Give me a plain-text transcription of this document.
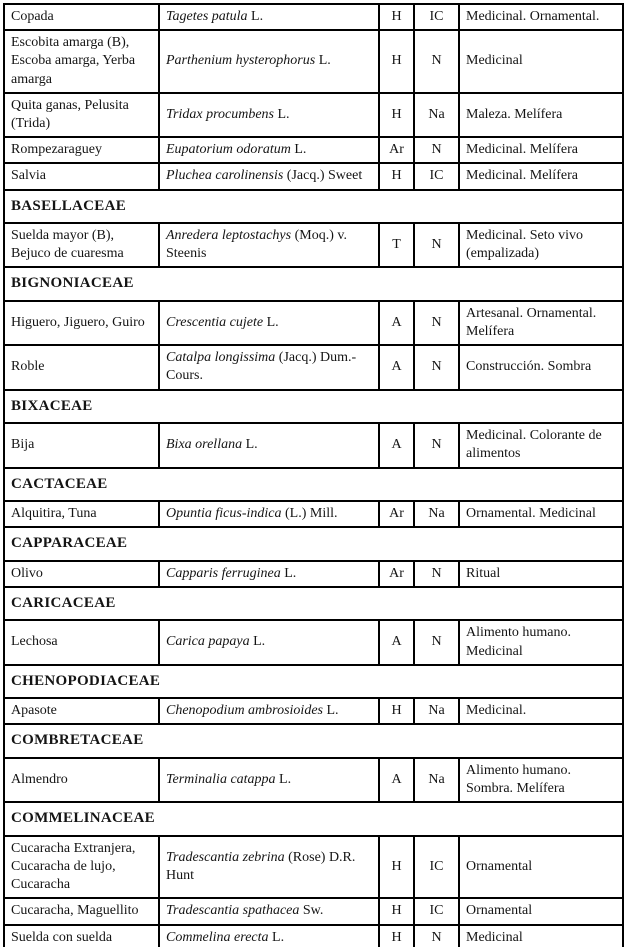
Copada	Tagetes patula L.	H	IC	Medicinal. Ornamental.
Escobita amarga (B), Escoba amarga, Yerba amarga	Parthenium hysterophorus L.	H	N	Medicinal
Quita ganas, Pelusita (Trida)	Tridax procumbens L.	H	Na	Maleza. Melífera
Rompezaraguey	Eupatorium odoratum L.	Ar	N	Medicinal. Melífera
Salvia	Pluchea carolinensis (Jacq.) Sweet	H	IC	Medicinal. Melífera
BASELLACEAE				
Suelda mayor (B), Bejuco de cuaresma	Anredera leptostachys (Moq.) v. Steenis	T	N	Medicinal. Seto vivo (empalizada)
BIGNONIACEAE				
Higuero, Jiguero, Guiro	Crescentia cujete L.	A	N	Artesanal. Ornamental. Melífera
Roble	Catalpa longissima (Jacq.) Dum.-Cours.	A	N	Construcción. Sombra
BIXACEAE				
Bija	Bixa orellana L.	A	N	Medicinal. Colorante de alimentos
CACTACEAE				
Alquitira, Tuna	Opuntia ficus-indica (L.) Mill.	Ar	Na	Ornamental. Medicinal
CAPPARACEAE				
Olivo	Capparis ferruginea L.	Ar	N	Ritual
CARICACEAE				
Lechosa	Carica papaya L.	A	N	Alimento humano. Medicinal
CHENOPODIACEAE				
Apasote	Chenopodium ambrosioides L.	H	Na	Medicinal.
COMBRETACEAE				
Almendro	Terminalia catappa L.	A	Na	Alimento humano. Sombra. Melífera
COMMELINACEAE				
Cucaracha Extranjera, Cucaracha de lujo, Cucaracha	Tradescantia zebrina (Rose) D.R. Hunt	H	IC	Ornamental
Cucaracha, Maguellito	Tradescantia spathacea Sw.	H	IC	Ornamental
Suelda con suelda	Commelina erecta L.	H	N	Medicinal
